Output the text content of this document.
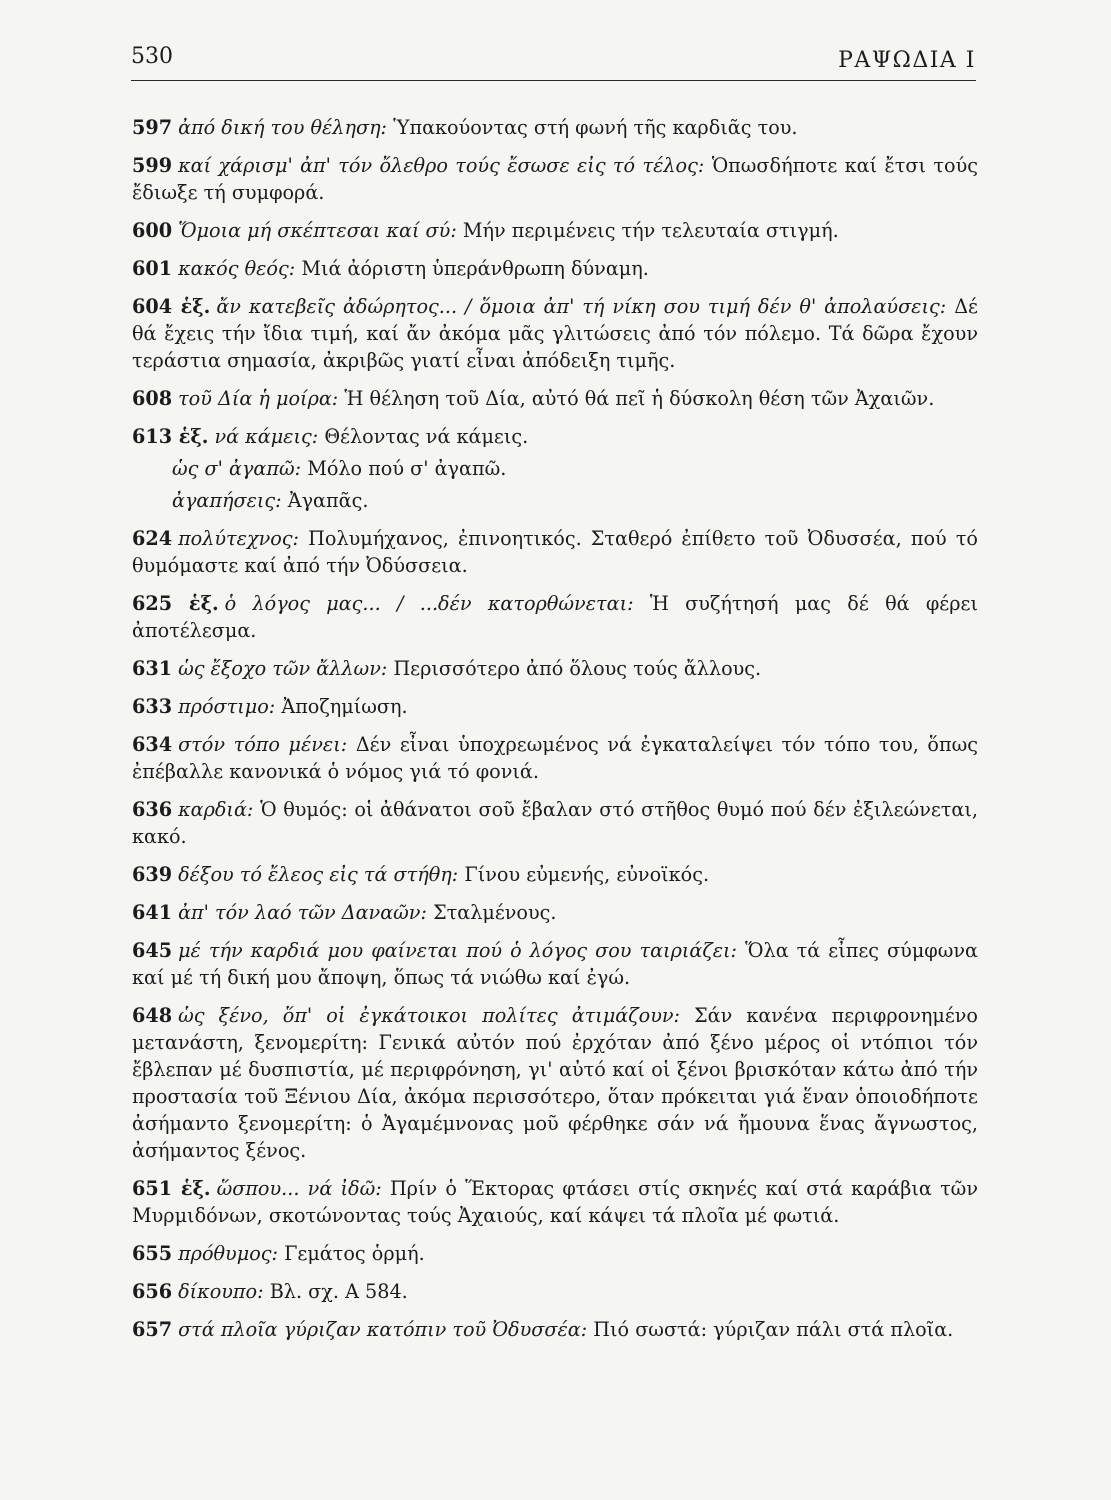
530	ΡΑΨΩΔΙΑ Ι

597 ἀπό δική του θέληση: Ὑπακούοντας στή φωνή τῆς καρδιᾶς του.

599 καί χάρισμ' ἀπ' τόν ὄλεθρο τούς ἔσωσε εἰς τό τέλος: Ὁπωσδήποτε καί ἔτσι τούς ἔδιωξε τή συμφορά.

600 Ὅμοια μή σκέπτεσαι καί σύ: Μήν περιμένεις τήν τελευταία στιγμή.

601 κακός θεός: Μιά ἀόριστη ὑπεράνθρωπη δύναμη.

604 ἑξ. ἄν κατεβεῖς ἀδώρητος... / ὅμοια ἀπ' τή νίκη σου τιμή δέν θ' ἀπολαύσεις: Δέ θά ἔχεις τήν ἴδια τιμή, καί ἄν ἀκόμα μᾶς γλιτώσεις ἀπό τόν πόλεμο. Τά δῶρα ἔχουν τεράστια σημασία, ἀκριβῶς γιατί εἶναι ἀπόδειξη τιμῆς.

608 τοῦ Δία ἡ μοίρα: Ἡ θέληση τοῦ Δία, αὐτό θά πεῖ ἡ δύσκολη θέση τῶν Ἀχαιῶν.

613 ἑξ. νά κάμεις: Θέλοντας νά κάμεις.

ὡς σ' ἀγαπῶ: Μόλο πού σ' ἀγαπῶ.

ἀγαπήσεις: Ἀγαπᾶς.

624 πολύτεχνος: Πολυμήχανος, ἐπινοητικός. Σταθερό ἐπίθετο τοῦ Ὀδυσσέα, πού τό θυμόμαστε καί ἀπό τήν Ὀδύσσεια.

625 ἑξ. ὁ λόγος μας... / ...δέν κατορθώνεται: Ἡ συζήτησή μας δέ θά φέρει ἀποτέλεσμα.

631 ὡς ἔξοχο τῶν ἄλλων: Περισσότερο ἀπό ὅλους τούς ἄλλους.

633 πρόστιμο: Ἀποζημίωση.

634 στόν τόπο μένει: Δέν εἶναι ὑποχρεωμένος νά ἐγκαταλείψει τόν τόπο του, ὅπως ἐπέβαλλε κανονικά ὁ νόμος γιά τό φονιά.

636 καρδιά: Ὁ θυμός: οἱ ἀθάνατοι σοῦ ἔβαλαν στό στῆθος θυμό πού δέν ἐξιλεώνεται, κακό.

639 δέξου τό ἔλεος εἰς τά στήθη: Γίνου εὐμενής, εὐνοϊκός.

641 ἀπ' τόν λαό τῶν Δαναῶν: Σταλμένους.

645 μέ τήν καρδιά μου φαίνεται πού ὁ λόγος σου ταιριάζει: Ὅλα τά εἶπες σύμφωνα καί μέ τή δική μου ἄποψη, ὅπως τά νιώθω καί ἐγώ.

648 ὡς ξένο, ὅπ' οἱ ἐγκάτοικοι πολίτες ἀτιμάζουν: Σάν κανένα περιφρονημένο μετανάστη, ξενομερίτη: Γενικά αὐτόν πού ἐρχόταν ἀπό ξένο μέρος οἱ ντόπιοι τόν ἔβλεπαν μέ δυσπιστία, μέ περιφρόνηση, γι' αὐτό καί οἱ ξένοι βρισκόταν κάτω ἀπό τήν προστασία τοῦ Ξένιου Δία, ἀκόμα περισσότερο, ὅταν πρόκειται γιά ἕναν ὁποιοδήποτε ἀσήμαντο ξενομερίτη: ὁ Ἀγαμέμνονας μοῦ φέρθηκε σάν νά ἤμουνα ἕνας ἄγνωστος, ἀσήμαντος ξένος.

651 ἑξ. ὥσπου... νά ἰδῶ: Πρίν ὁ Ἕκτορας φτάσει στίς σκηνές καί στά καράβια τῶν Μυρμιδόνων, σκοτώνοντας τούς Ἀχαιούς, καί κάψει τά πλοῖα μέ φωτιά.

655 πρόθυμος: Γεμάτος ὁρμή.

656 δίκουπο: Βλ. σχ. Α 584.

657 στά πλοῖα γύριζαν κατόπιν τοῦ Ὀδυσσέα: Πιό σωστά: γύριζαν πάλι στά πλοῖα.
